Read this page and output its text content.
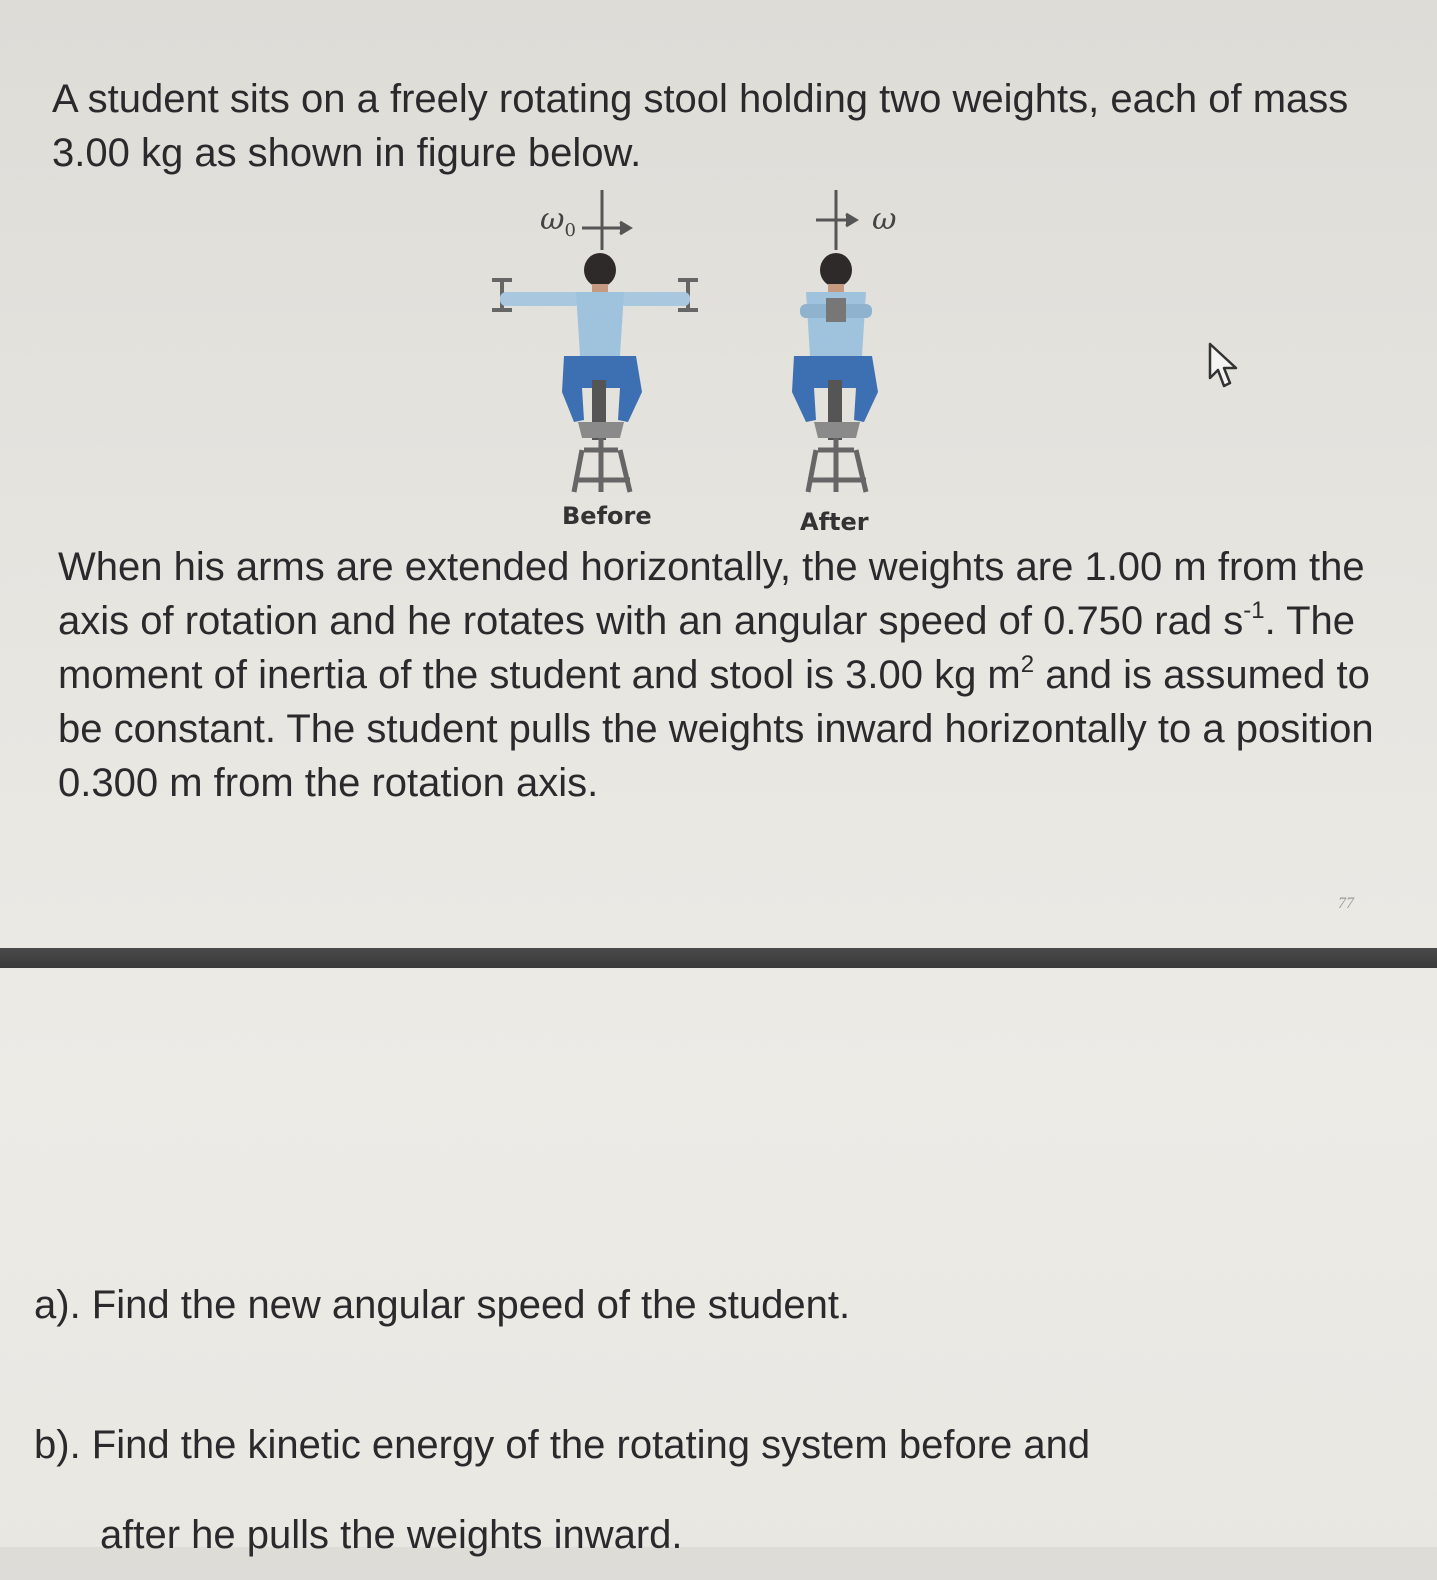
A student sits on a freely rotating stool holding two weights, each of mass 3.00 kg as shown in figure below.

$\omega_0$	ω
Before	After

When his arms are extended horizontally, the weights are 1.00 m from the axis of rotation and he rotates with an angular speed of 0.750 rad $s^{-1}$. The moment of inertia of the student and stool is 3.00 kg $m^2$ and is assumed to be constant. The student pulls the weights inward horizontally to a position 0.300 m from the rotation axis.

77

a). Find the new angular speed of the student.

b). Find the kinetic energy of the rotating system before and
after he pulls the weights inward.
